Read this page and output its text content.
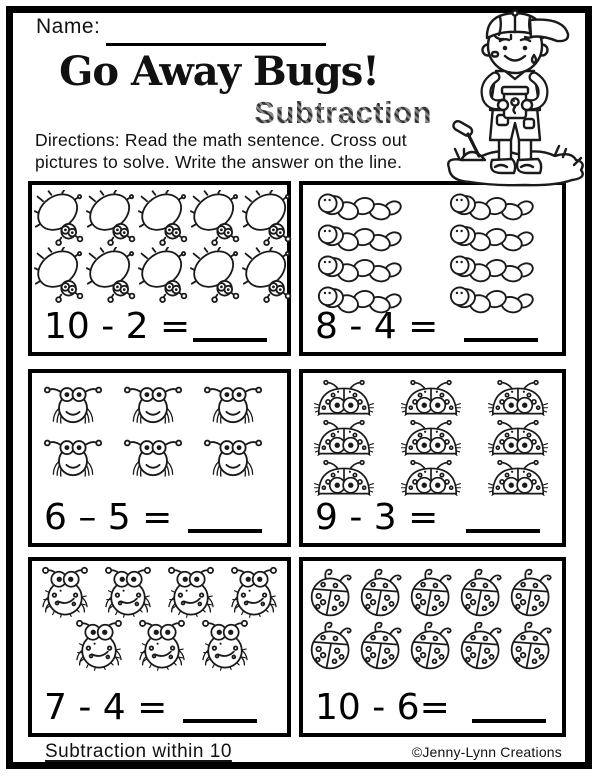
Name:
Go Away Bugs!
Subtraction

Directions: Read the math sentence. Cross out
pictures to solve. Write the answer on the line.

10 - 2 =	8 - 4 =
6 – 5 =	9 - 3 =
7 - 4 =	10 - 6=
Subtraction within 10	©Jenny-Lynn Creations
